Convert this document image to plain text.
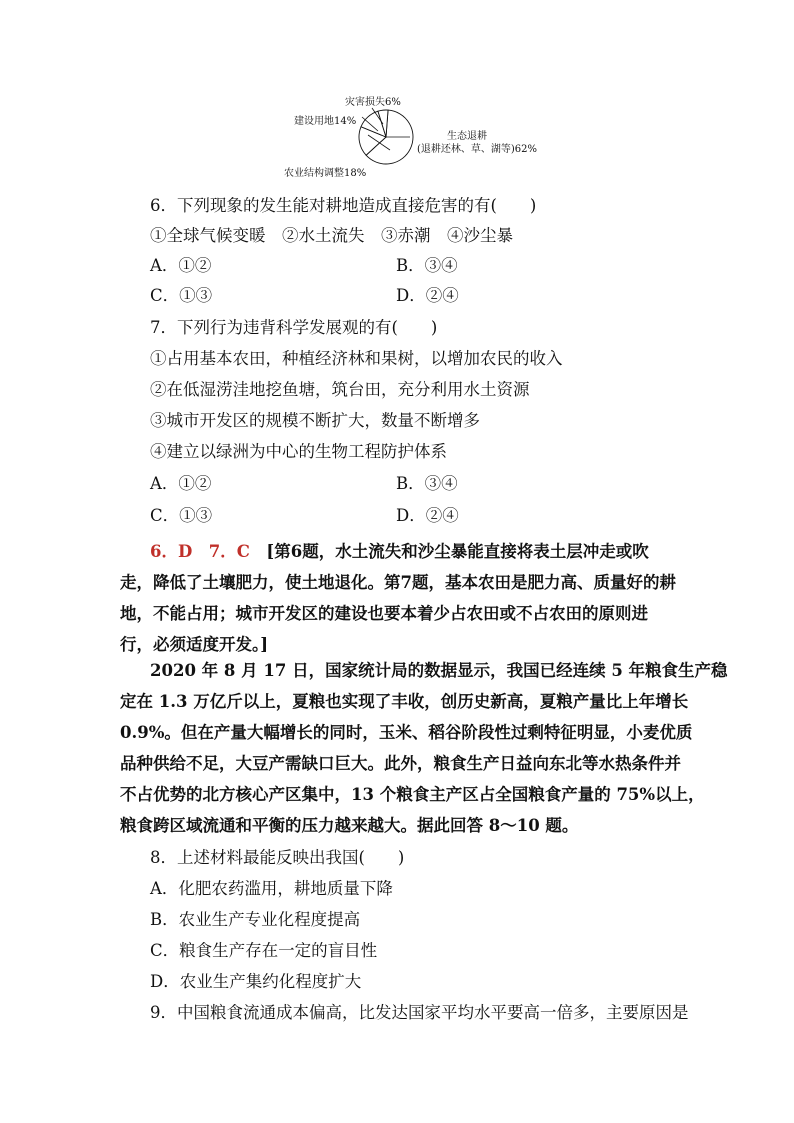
灾害损失6%
建设用地14%
生态退耕
(退耕还林、草、湖等)62%
农业结构调整18%
6．下列现象的发生能对耕地造成直接危害的有(　　)
①全球气候变暖　②水土流失　③赤潮　④沙尘暴
A．①②	B．③④
C．①③	D．②④
7．下列行为违背科学发展观的有(　　)
①占用基本农田，种植经济林和果树，以增加农民的收入
②在低湿涝洼地挖鱼塘，筑台田，充分利用水土资源
③城市开发区的规模不断扩大，数量不断增多
④建立以绿洲为中心的生物工程防护体系
A．①②	B．③④
C．①③	D．②④
6．D　7．C　[第6题，水土流失和沙尘暴能直接将表土层冲走或吹走，降低了土壤肥力，使土地退化。第7题，基本农田是肥力高、质量好的耕地，不能占用；城市开发区的建设也要本着少占农田或不占农田的原则进行，必须适度开发。]
2020 年 8 月 17 日，国家统计局的数据显示，我国已经连续 5 年粮食生产稳
定在 1.3 万亿斤以上，夏粮也实现了丰收，创历史新高，夏粮产量比上年增长
0.9%。但在产量大幅增长的同时，玉米、稻谷阶段性过剩特征明显，小麦优质
品种供给不足，大豆产需缺口巨大。此外，粮食生产日益向东北等水热条件并
不占优势的北方核心产区集中，13 个粮食主产区占全国粮食产量的 75%以上，
粮食跨区域流通和平衡的压力越来越大。据此回答 8～10 题。
8．上述材料最能反映出我国(　　)
A．化肥农药滥用，耕地质量下降
B．农业生产专业化程度提高
C．粮食生产存在一定的盲目性
D．农业生产集约化程度扩大
9．中国粮食流通成本偏高，比发达国家平均水平要高一倍多，主要原因是
